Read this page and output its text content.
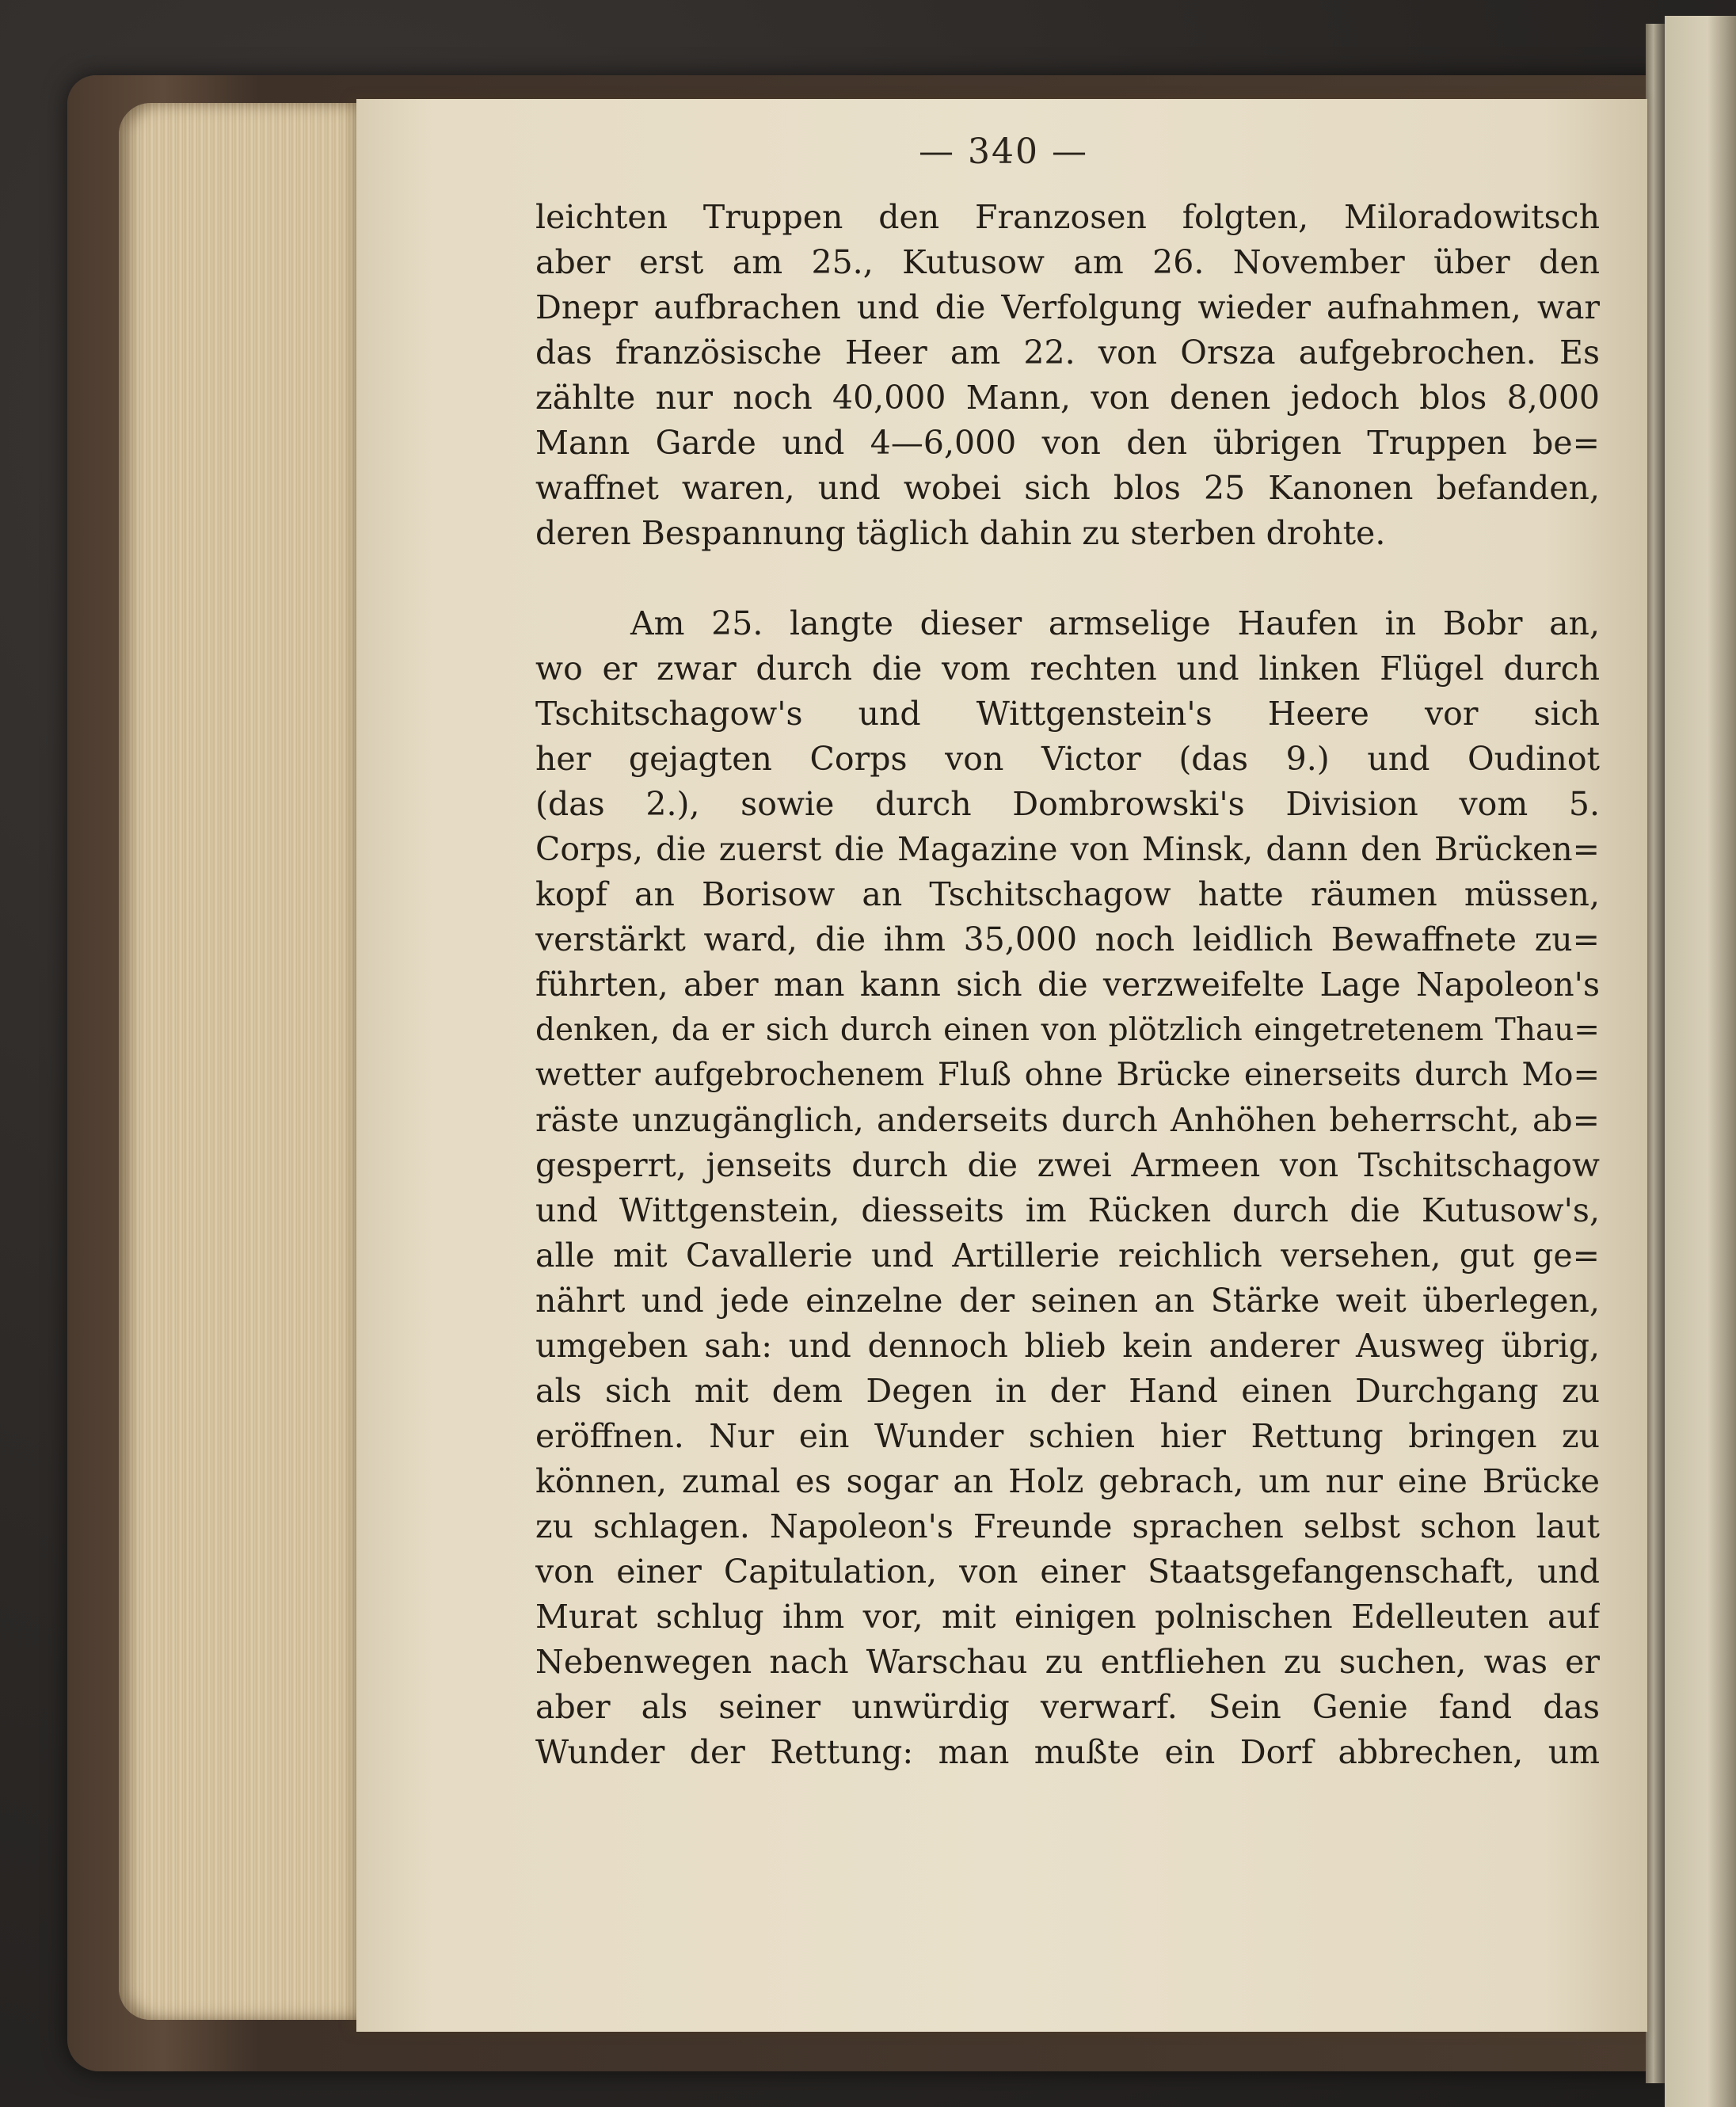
— 340 —
leichten Truppen den Franzosen folgten, Miloradowitsch
aber erst am 25., Kutusow am 26. November über den
Dnepr aufbrachen und die Verfolgung wieder aufnahmen, war
das französische Heer am 22. von Orsza aufgebrochen. Es
zählte nur noch 40,000 Mann, von denen jedoch blos 8,000
Mann Garde und 4—6,000 von den übrigen Truppen be=
waffnet waren, und wobei sich blos 25 Kanonen befanden,
deren Bespannung täglich dahin zu sterben drohte.
Am 25. langte dieser armselige Haufen in Bobr an,
wo er zwar durch die vom rechten und linken Flügel durch
Tschitschagow's und Wittgenstein's Heere vor sich
her gejagten Corps von Victor (das 9.) und Oudinot
(das 2.), sowie durch Dombrowski's Division vom 5.
Corps, die zuerst die Magazine von Minsk, dann den Brücken=
kopf an Borisow an Tschitschagow hatte räumen müssen,
verstärkt ward, die ihm 35,000 noch leidlich Bewaffnete zu=
führten, aber man kann sich die verzweifelte Lage Napoleon's
denken, da er sich durch einen von plötzlich eingetretenem Thau=
wetter aufgebrochenem Fluß ohne Brücke einerseits durch Mo=
räste unzugänglich, anderseits durch Anhöhen beherrscht, ab=
gesperrt, jenseits durch die zwei Armeen von Tschitschagow
und Wittgenstein, diesseits im Rücken durch die Kutusow's,
alle mit Cavallerie und Artillerie reichlich versehen, gut ge=
nährt und jede einzelne der seinen an Stärke weit überlegen,
umgeben sah: und dennoch blieb kein anderer Ausweg übrig,
als sich mit dem Degen in der Hand einen Durchgang zu
eröffnen. Nur ein Wunder schien hier Rettung bringen zu
können, zumal es sogar an Holz gebrach, um nur eine Brücke
zu schlagen. Napoleon's Freunde sprachen selbst schon laut
von einer Capitulation, von einer Staatsgefangenschaft, und
Murat schlug ihm vor, mit einigen polnischen Edelleuten auf
Nebenwegen nach Warschau zu entfliehen zu suchen, was er
aber als seiner unwürdig verwarf. Sein Genie fand das
Wunder der Rettung: man mußte ein Dorf abbrechen, um
